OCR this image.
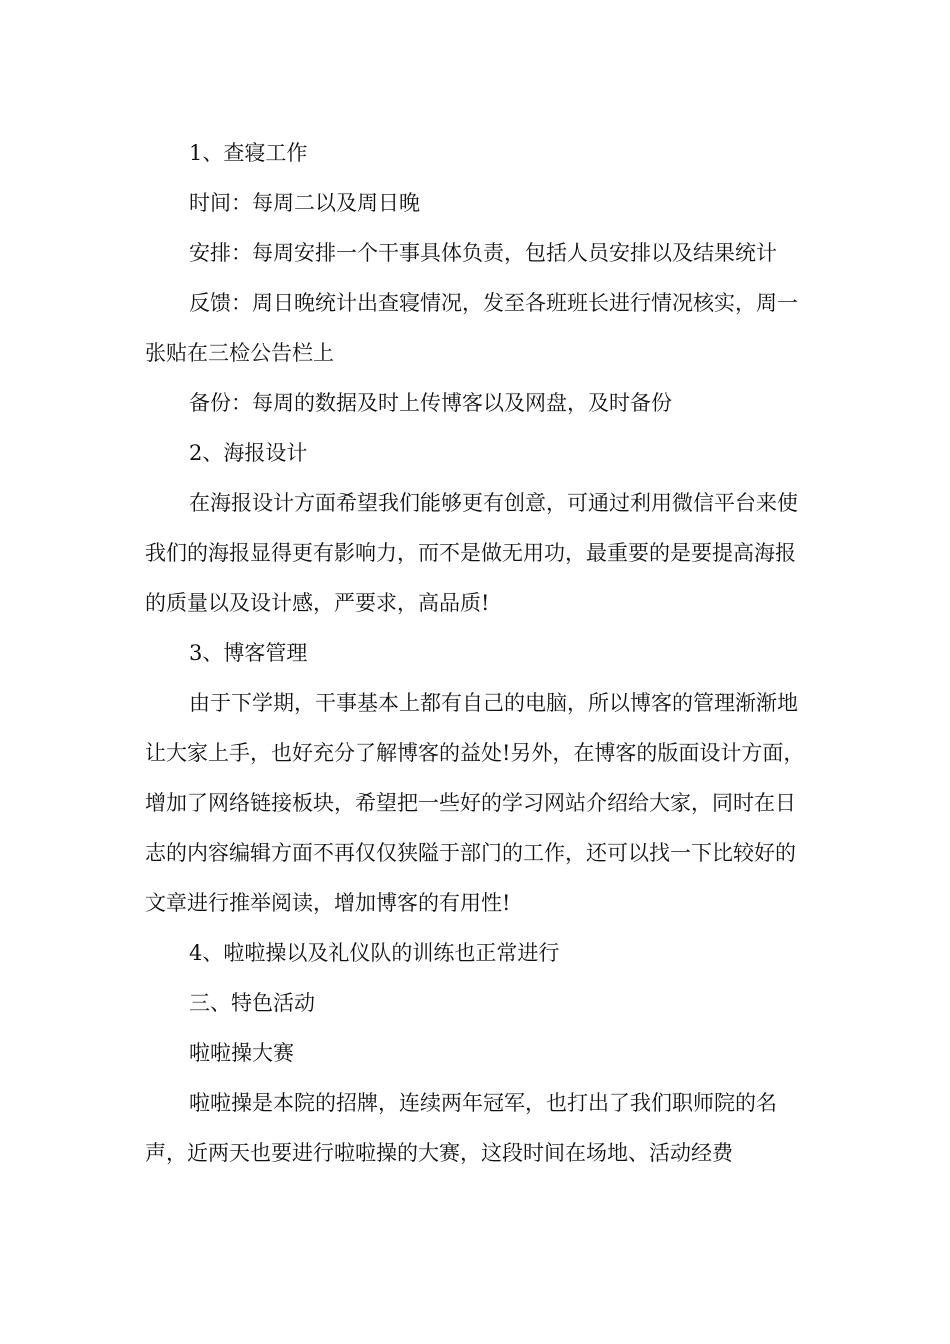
1、查寝工作

时间：每周二以及周日晚

安排：每周安排一个干事具体负责，包括人员安排以及结果统计

反馈：周日晚统计出查寝情况，发至各班班长进行情况核实，周一张贴在三检公告栏上

备份：每周的数据及时上传博客以及网盘，及时备份

2、海报设计

在海报设计方面希望我们能够更有创意，可通过利用微信平台来使我们的海报显得更有影响力，而不是做无用功，最重要的是要提高海报的质量以及设计感，严要求，高品质!

3、博客管理

由于下学期，干事基本上都有自己的电脑，所以博客的管理渐渐地让大家上手，也好充分了解博客的益处!另外，在博客的版面设计方面，增加了网络链接板块，希望把一些好的学习网站介绍给大家，同时在日志的内容编辑方面不再仅仅狭隘于部门的工作，还可以找一下比较好的文章进行推举阅读，增加博客的有用性!

4、啦啦操以及礼仪队的训练也正常进行

三、特色活动

啦啦操大赛

啦啦操是本院的招牌，连续两年冠军，也打出了我们职师院的名声，近两天也要进行啦啦操的大赛，这段时间在场地、活动经费
